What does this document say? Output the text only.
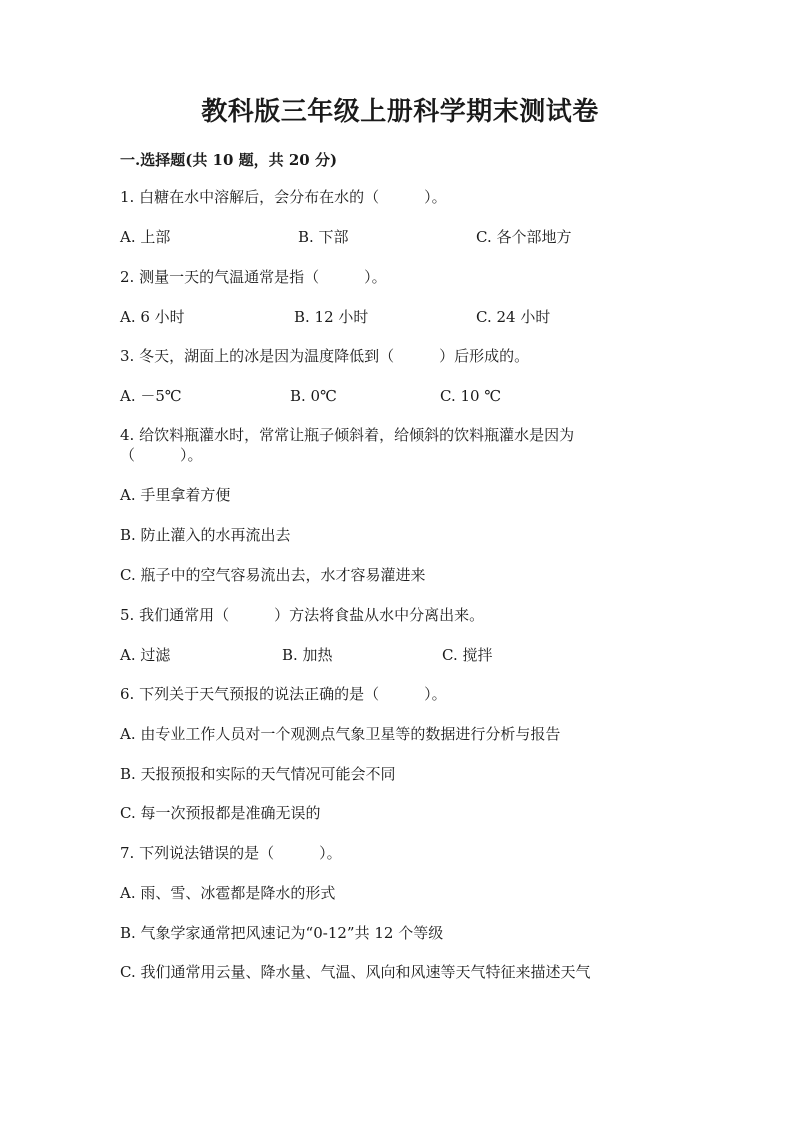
教科版三年级上册科学期末测试卷
一.选择题(共 10 题，共 20 分)
1. 白糖在水中溶解后，会分布在水的（　　　）。
A. 上部	B. 下部	C. 各个部地方
2. 测量一天的气温通常是指（　　　）。
A. 6 小时	B. 12 小时	C. 24 小时
3. 冬天，湖面上的冰是因为温度降低到（　　　）后形成的。
A. －5℃	B. 0℃	C. 10 ℃
4. 给饮料瓶灌水时，常常让瓶子倾斜着，给倾斜的饮料瓶灌水是因为
（　　　）。
A. 手里拿着方便
B. 防止灌入的水再流出去
C. 瓶子中的空气容易流出去，水才容易灌进来
5. 我们通常用（　　　）方法将食盐从水中分离出来。
A. 过滤	B. 加热	C. 搅拌
6. 下列关于天气预报的说法正确的是（　　　）。
A. 由专业工作人员对一个观测点气象卫星等的数据进行分析与报告
B. 天报预报和实际的天气情况可能会不同
C. 每一次预报都是准确无误的
7. 下列说法错误的是（　　　）。
A. 雨、雪、冰雹都是降水的形式
B. 气象学家通常把风速记为“0-12”共 12 个等级
C. 我们通常用云量、降水量、气温、风向和风速等天气特征来描述天气
